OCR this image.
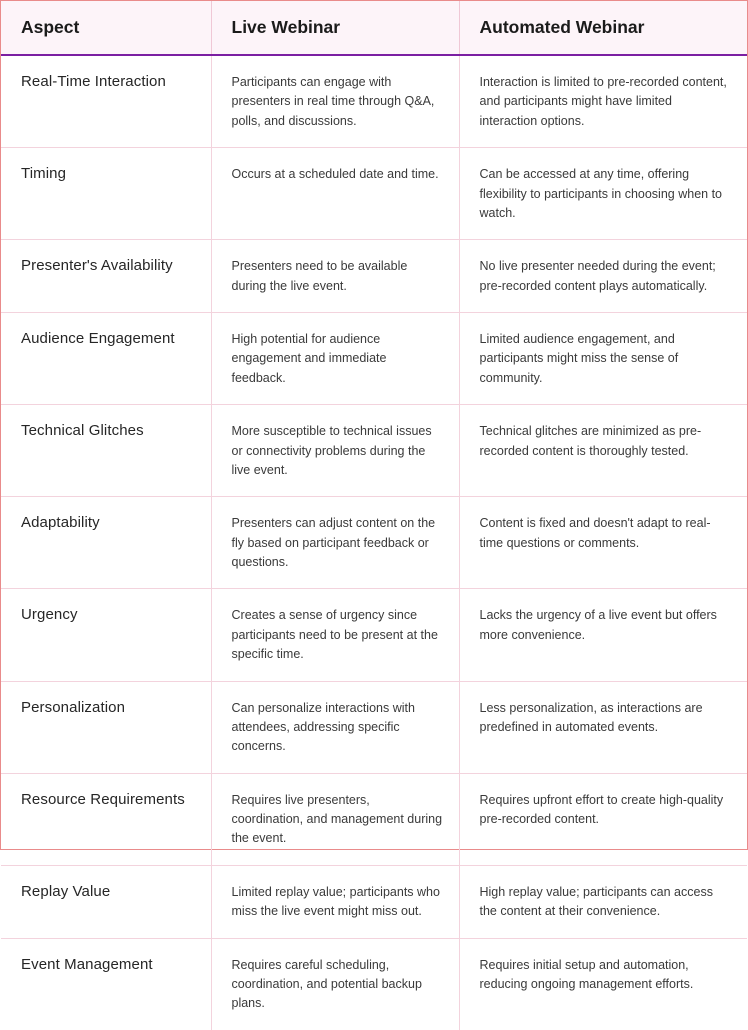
Aspect	Live Webinar	Automated Webinar
Real-Time Interaction	Participants can engage with presenters in real time through Q&A, polls, and discussions.	Interaction is limited to pre-recorded content, and participants might have limited interaction options.
Timing	Occurs at a scheduled date and time.	Can be accessed at any time, offering flexibility to participants in choosing when to watch.
Presenter's Availability	Presenters need to be available during the live event.	No live presenter needed during the event; pre-recorded content plays automatically.
Audience Engagement	High potential for audience engagement and immediate feedback.	Limited audience engagement, and participants might miss the sense of community.
Technical Glitches	More susceptible to technical issues or connectivity problems during the live event.	Technical glitches are minimized as pre-recorded content is thoroughly tested.
Adaptability	Presenters can adjust content on the fly based on participant feedback or questions.	Content is fixed and doesn't adapt to real-time questions or comments.
Urgency	Creates a sense of urgency since participants need to be present at the specific time.	Lacks the urgency of a live event but offers more convenience.
Personalization	Can personalize interactions with attendees, addressing specific concerns.	Less personalization, as interactions are predefined in automated events.
Resource Requirements	Requires live presenters, coordination, and management during the event.	Requires upfront effort to create high-quality pre-recorded content.
Replay Value	Limited replay value; participants who miss the live event might miss out.	High replay value; participants can access the content at their convenience.
Event Management	Requires careful scheduling, coordination, and potential backup plans.	Requires initial setup and automation, reducing ongoing management efforts.
